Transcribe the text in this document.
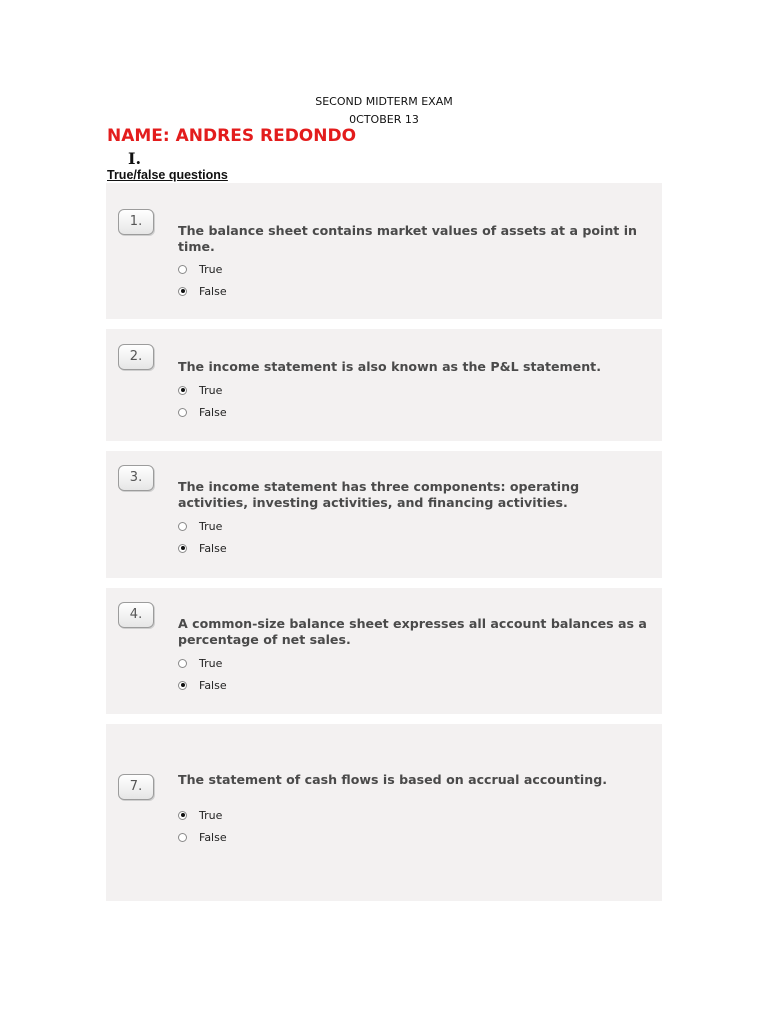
SECOND MIDTERM EXAM
0CTOBER 13
NAME: ANDRES REDONDO
I.
True/false questions
1.
The balance sheet contains market values of assets at a point in time.
True
False
2.
The income statement is also known as the P&L statement.
True
False
3.
The income statement has three components: operating activities, investing activities, and financing activities.
True
False
4.
A common-size balance sheet expresses all account balances as a percentage of net sales.
True
False
7.	The statement of cash flows is based on accrual accounting.
True
False
